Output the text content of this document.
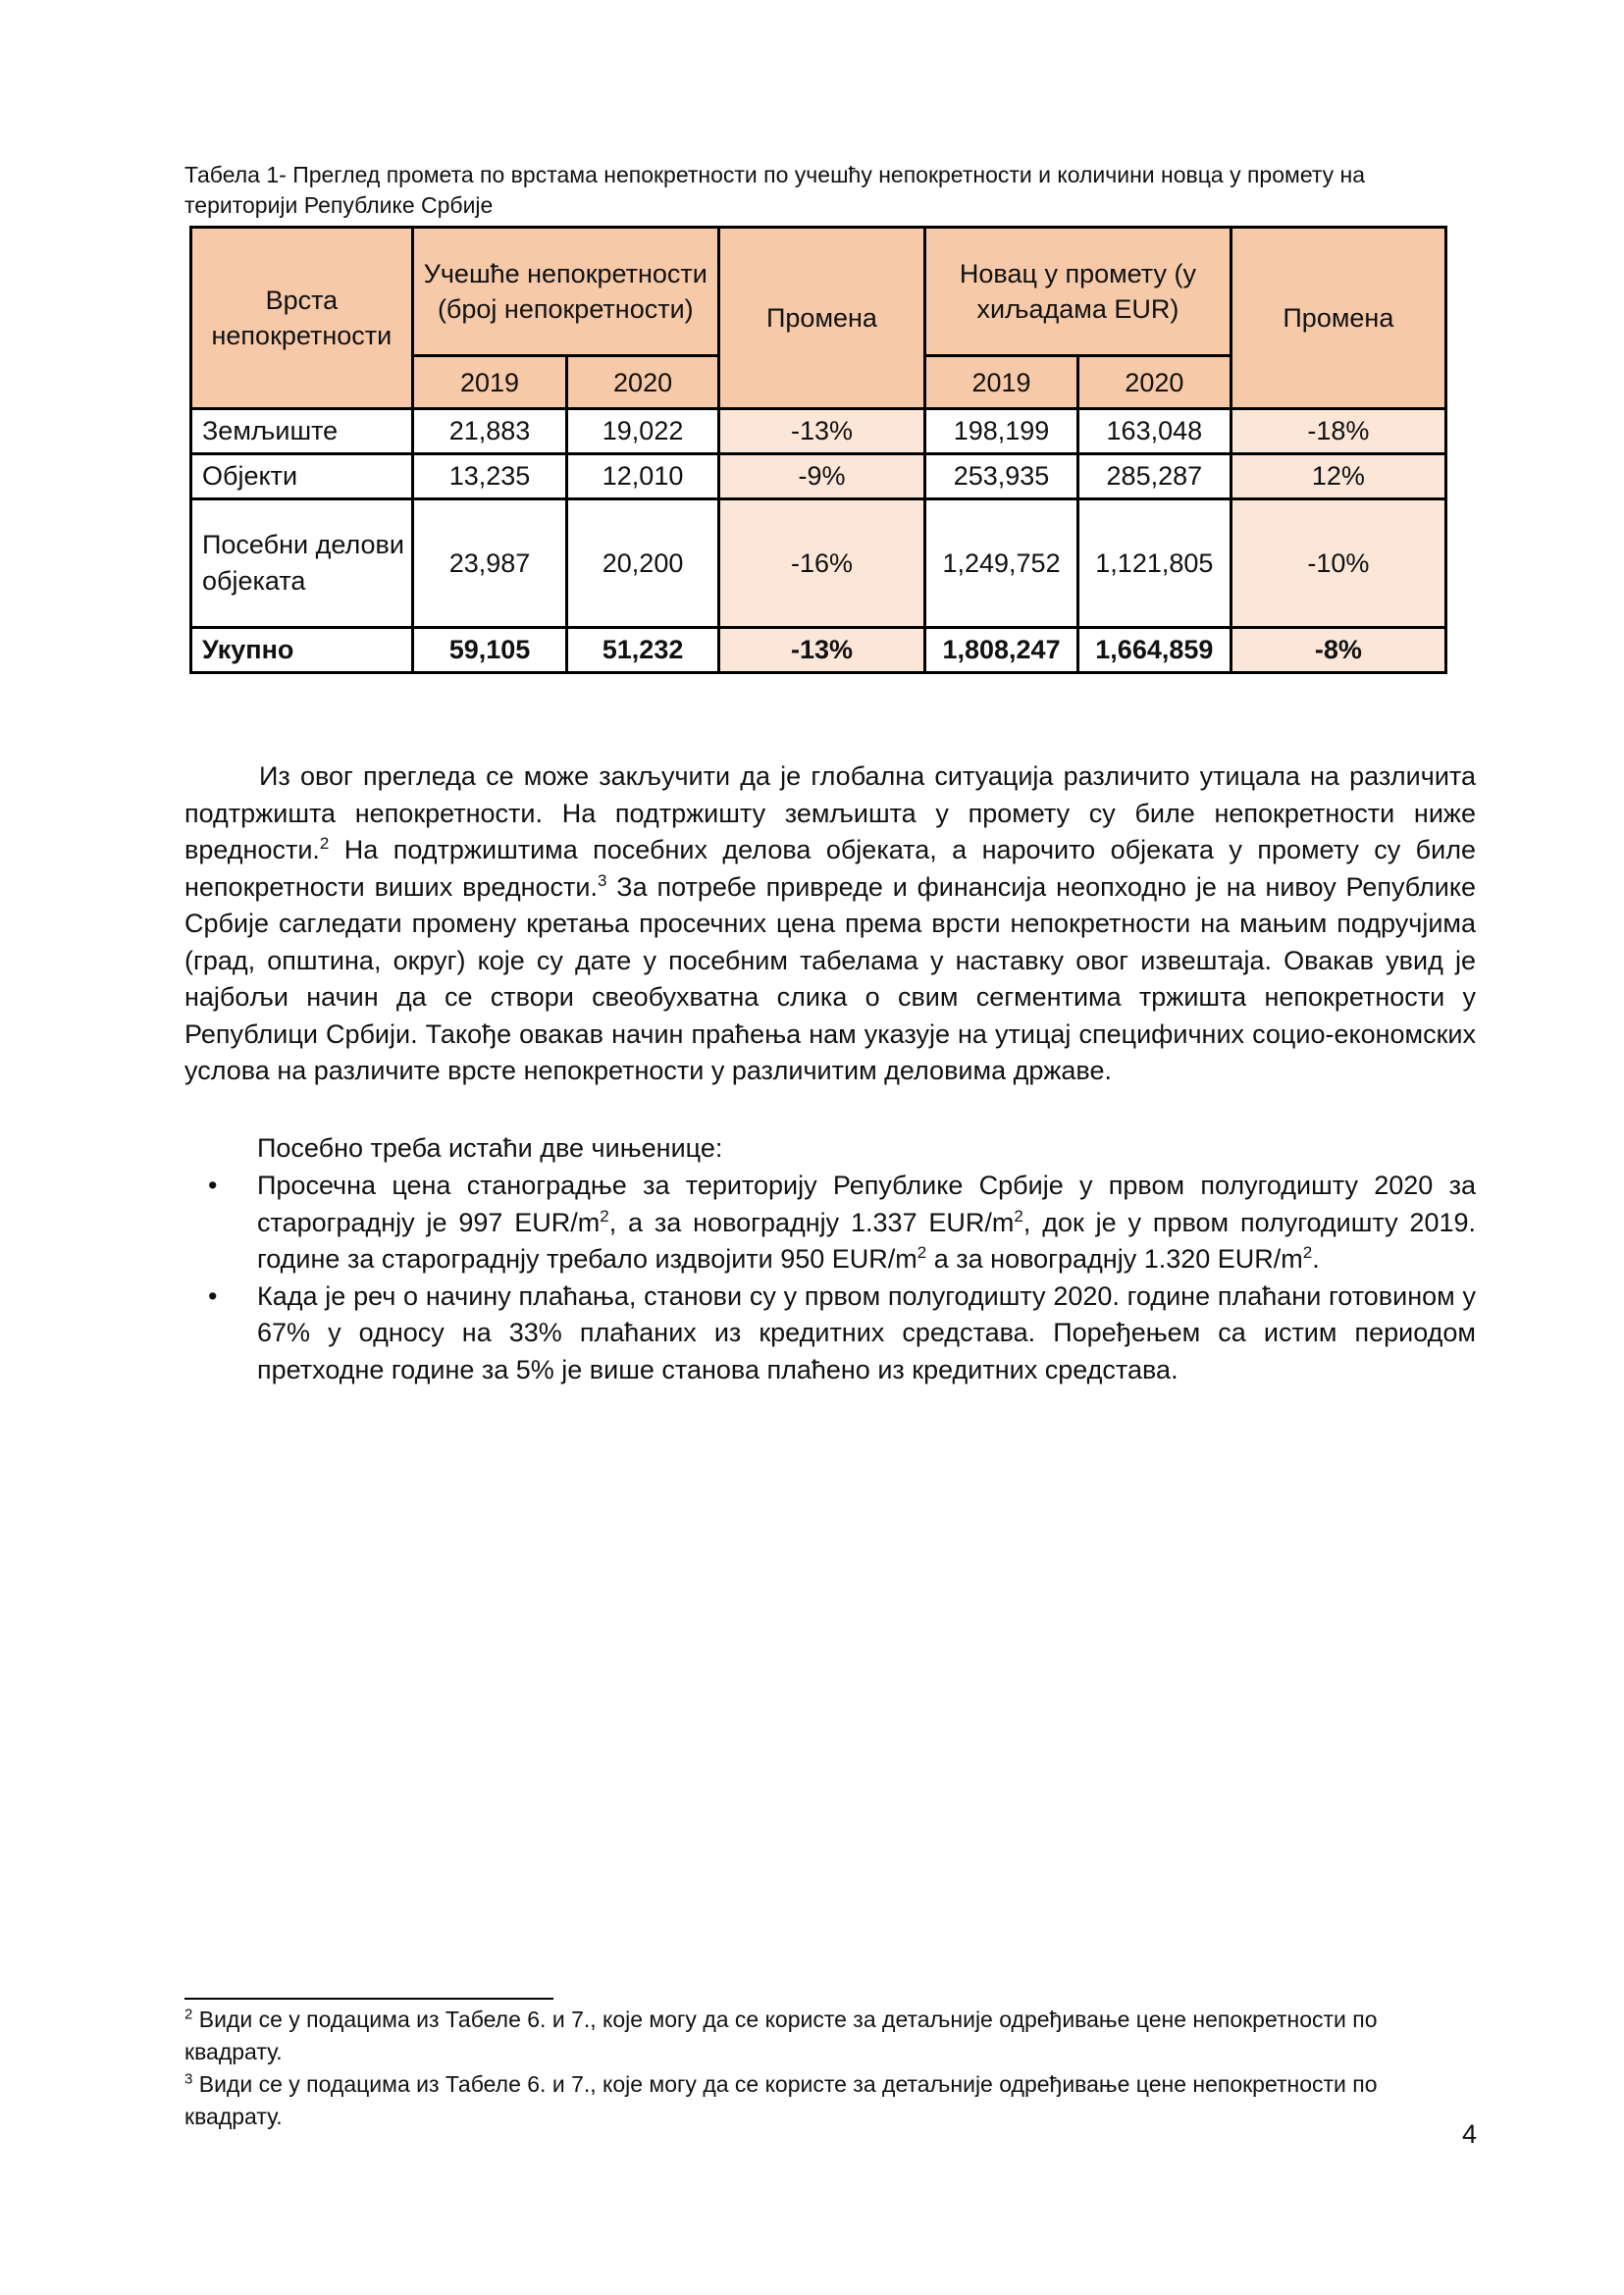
Табела 1- Преглед промета по врстама непокретности по учешћу непокретности и количини новца у промету на територији Републике Србије
Врста непокретности	Учешће непокретности (број непокретности)		Промена	Новац у промету (у хиљадама EUR)		Промена
	2019	2020		2019	2020	
Земљиште	21,883	19,022	-13%	198,199	163,048	-18%
Објекти	13,235	12,010	-9%	253,935	285,287	12%
Посебни делови објеката	23,987	20,200	-16%	1,249,752	1,121,805	-10%
Укупно	59,105	51,232	-13%	1,808,247	1,664,859	-8%
Из овог прегледа се може закључити да је глобална ситуација различито утицала на различита подтржишта непокретности. На подтржишту земљишта у промету су биле непокретности ниже вредности.$^2$ На подтржиштима посебних делова објеката, а нарочито објеката у промету су биле непокретности виших вредности.$^3$ За потребе привреде и финансија неопходно је на нивоу Републике Србије сагледати промену кретања просечних цена према врсти непокретности на мањим подручјима (град, општина, округ) које су дате у посебним табелама у наставку овог извештаја. Овакав увид је најбољи начин да се створи свеобухватна слика о свим сегментима тржишта непокретности у Републици Србији. Такође овакав начин праћења нам указује на утицај специфичних социо-економских услова на различите врсте непокретности у различитим деловима државе.
Посебно треба истаћи две чињенице:
• Просечна цена станоградње за територију Републике Србије у првом полугодишту 2020 за старограднју је 997 EUR/$m^2$, а за новограднју 1.337 EUR/$m^2$, док је у првом полугодишту 2019. године за старограднју требало издвојити 950 EUR/$m^2$ а за новограднју 1.320 EUR/$m^2$.
• Када је реч о начину плаћања, станови су у првом полугодишту 2020. године плаћани готовином у 67% у односу на 33% плаћаних из кредитних средстава. Поређењем са истим периодом претходне године за 5% је више станова плаћено из кредитних средстава.

$^2$ Види се у подацима из Табеле 6. и 7., које могу да се користе за детаљније одређивање цене непокретности по квадрату.

$^3$ Види се у подацима из Табеле 6. и 7., које могу да се користе за детаљније одређивање цене непокретности по квадрату.

4
